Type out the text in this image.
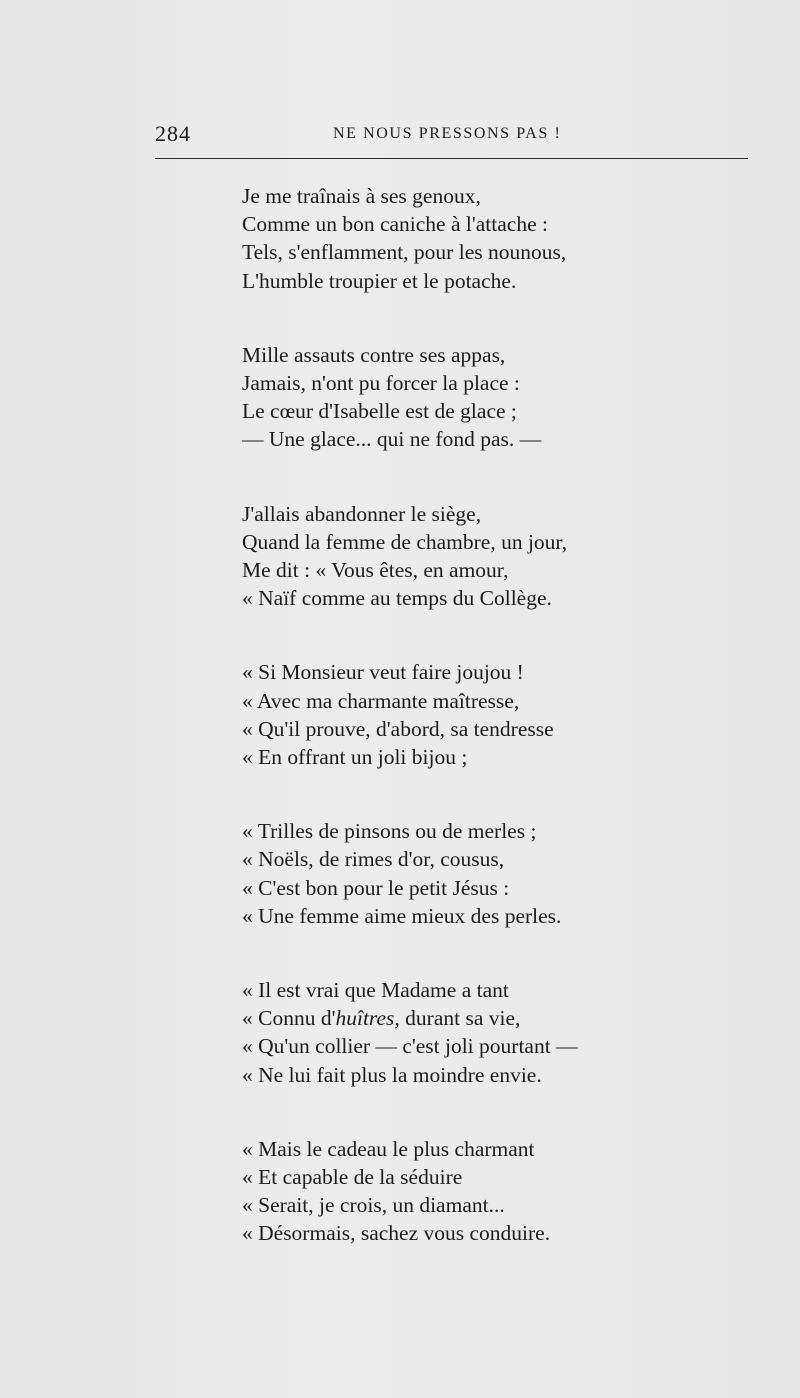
284	NE NOUS PRESSONS PAS !
Je me traînais à ses genoux,
Comme un bon caniche à l'attache :
Tels, s'enflamment, pour les nounous,
L'humble troupier et le potache.
Mille assauts contre ses appas,
Jamais, n'ont pu forcer la place :
Le cœur d'Isabelle est de glace ;
— Une glace... qui ne fond pas. —
J'allais abandonner le siège,
Quand la femme de chambre, un jour,
Me dit : « Vous êtes, en amour,
« Naïf comme au temps du Collège.
« Si Monsieur veut faire joujou !
« Avec ma charmante maîtresse,
« Qu'il prouve, d'abord, sa tendresse
« En offrant un joli bijou ;
« Trilles de pinsons ou de merles ;
« Noëls, de rimes d'or, cousus,
« C'est bon pour le petit Jésus :
« Une femme aime mieux des perles.
« Il est vrai que Madame a tant
« Connu d'huîtres, durant sa vie,
« Qu'un collier — c'est joli pourtant —
« Ne lui fait plus la moindre envie.
« Mais le cadeau le plus charmant
« Et capable de la séduire
« Serait, je crois, un diamant...
« Désormais, sachez vous conduire.
